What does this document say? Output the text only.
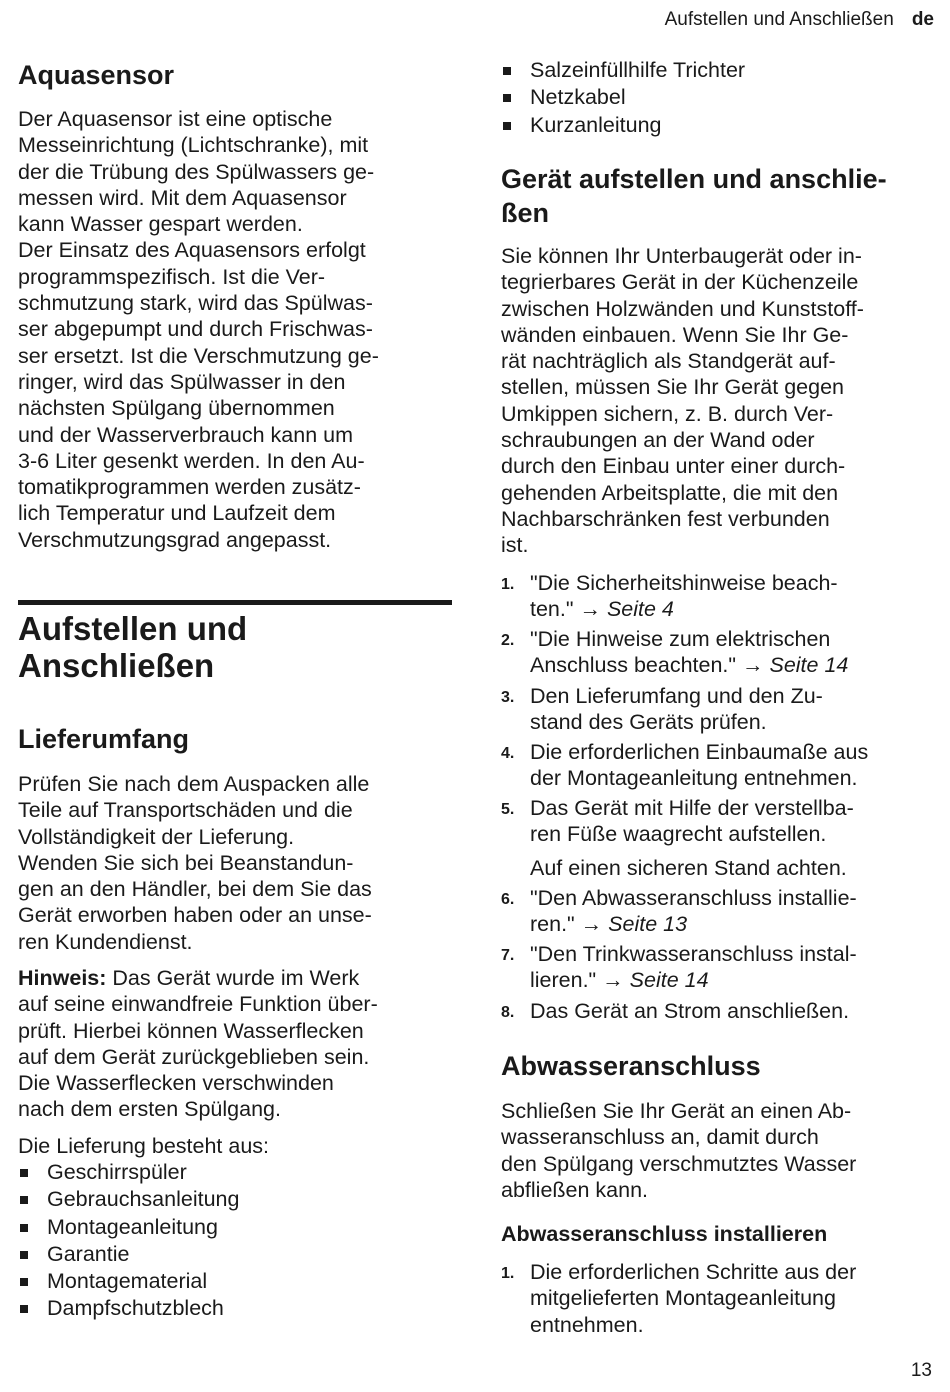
Aufstellen und Anschließen de
Aquasensor
Der Aquasensor ist eine optische
Messeinrichtung (Lichtschranke), mit
der die Trübung des Spülwassers ge-
messen wird. Mit dem Aquasensor
kann Wasser gespart werden.
Der Einsatz des Aquasensors erfolgt
programmspezifisch. Ist die Ver-
schmutzung stark, wird das Spülwas-
ser abgepumpt und durch Frischwas-
ser ersetzt. Ist die Verschmutzung ge-
ringer, wird das Spülwasser in den
nächsten Spülgang übernommen
und der Wasserverbrauch kann um
3-6 Liter gesenkt werden. In den Au-
tomatikprogrammen werden zusätz-
lich Temperatur und Laufzeit dem
Verschmutzungsgrad angepasst.
Aufstellen und
Anschließen
Lieferumfang
Prüfen Sie nach dem Auspacken alle
Teile auf Transportschäden und die
Vollständigkeit der Lieferung.
Wenden Sie sich bei Beanstandun-
gen an den Händler, bei dem Sie das
Gerät erworben haben oder an unse-
ren Kundendienst.
Hinweis: Das Gerät wurde im Werk
auf seine einwandfreie Funktion über-
prüft. Hierbei können Wasserflecken
auf dem Gerät zurückgeblieben sein.
Die Wasserflecken verschwinden
nach dem ersten Spülgang.
Die Lieferung besteht aus:
Geschirrspüler
Gebrauchsanleitung
Montageanleitung
Garantie
Montagematerial
Dampfschutzblech
Salzeinfüllhilfe Trichter
Netzkabel
Kurzanleitung
Gerät aufstellen und anschlie-
ßen
Sie können Ihr Unterbaugerät oder in-
tegrierbares Gerät in der Küchenzeile
zwischen Holzwänden und Kunststoff-
wänden einbauen. Wenn Sie Ihr Ge-
rät nachträglich als Standgerät auf-
stellen, müssen Sie Ihr Gerät gegen
Umkippen sichern, z. B. durch Ver-
schraubungen an der Wand oder
durch den Einbau unter einer durch-
gehenden Arbeitsplatte, die mit den
Nachbarschränken fest verbunden
ist.
1. "Die Sicherheitshinweise beach-
ten." → Seite 4
2. "Die Hinweise zum elektrischen
Anschluss beachten." → Seite 14
3. Den Lieferumfang und den Zu-
stand des Geräts prüfen.
4. Die erforderlichen Einbaumaße aus
der Montageanleitung entnehmen.
5. Das Gerät mit Hilfe der verstellba-
ren Füße waagrecht aufstellen.
Auf einen sicheren Stand achten.
6. "Den Abwasseranschluss installie-
ren." → Seite 13
7. "Den Trinkwasseranschluss instal-
lieren." → Seite 14
8. Das Gerät an Strom anschließen.
Abwasseranschluss
Schließen Sie Ihr Gerät an einen Ab-
wasseranschluss an, damit durch
den Spülgang verschmutztes Wasser
abfließen kann.
Abwasseranschluss installieren
1. Die erforderlichen Schritte aus der
mitgelieferten Montageanleitung
entnehmen.
13
